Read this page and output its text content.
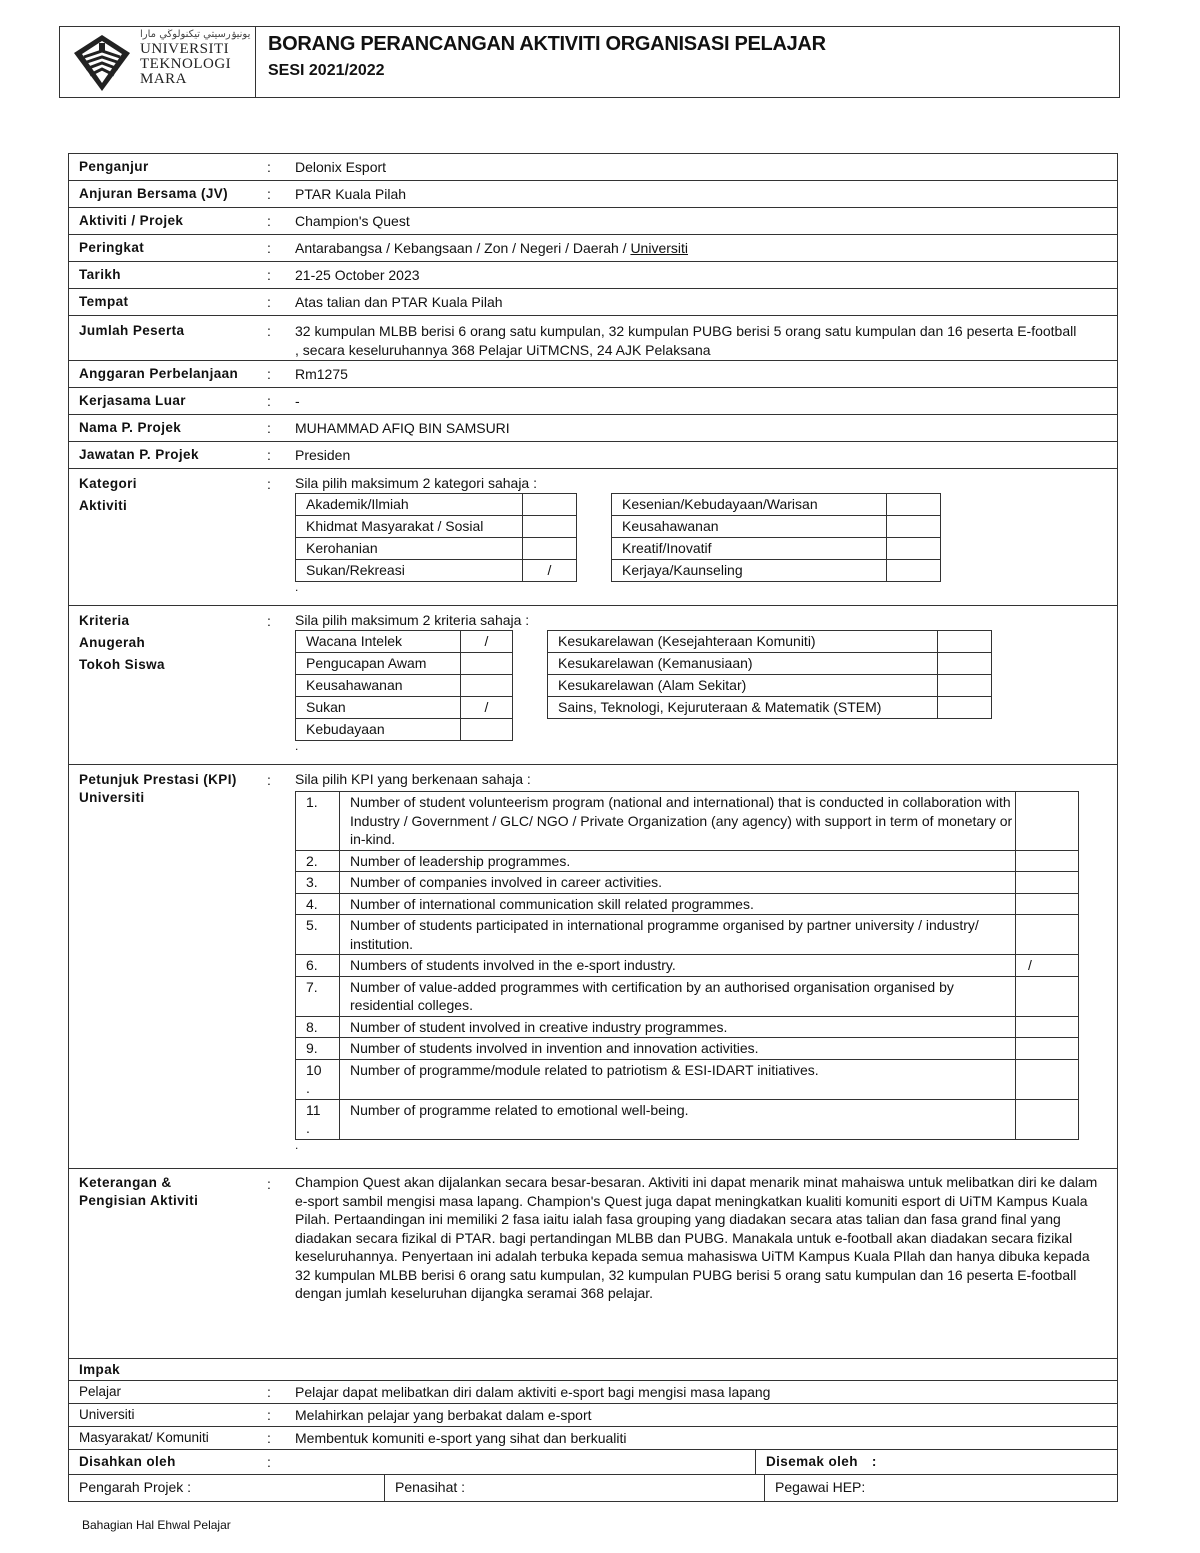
يونيۏرسيتي تيكنولوڬي مارا
UNIVERSITI
TEKNOLOGI
MARA
BORANG PERANCANGAN AKTIVITI ORGANISASI PELAJAR
SESI 2021/2022
Penganjur	:	Delonix Esport
Anjuran Bersama (JV)	:	PTAR Kuala Pilah
Aktiviti / Projek	:	Champion's Quest
Peringkat	:	Antarabangsa / Kebangsaan / Zon / Negeri / Daerah / Universiti
Tarikh	:	21-25 October 2023
Tempat	:	Atas talian dan PTAR Kuala Pilah
Jumlah Peserta	:	32 kumpulan MLBB berisi 6 orang satu kumpulan, 32 kumpulan PUBG berisi 5 orang satu kumpulan dan 16 peserta E-football , secara keseluruhannya 368 Pelajar UiTMCNS, 24 AJK Pelaksana
Anggaran Perbelanjaan	:	Rm1275
Kerjasama Luar	:	-
Nama P. Projek	:	MUHAMMAD AFIQ BIN SAMSURI
Jawatan P. Projek	:	Presiden
Kategori
Aktiviti
:	Sila pilih maksimum 2 kategori sahaja :
Akademik/Ilmiah	
Khidmat Masyarakat / Sosial	
Kerohanian	
Sukan/Rekreasi	/
Kesenian/Kebudayaan/Warisan	
Keusahawanan	
Kreatif/Inovatif	
Kerjaya/Kaunseling	
.
Kriteria
Anugerah
Tokoh Siswa
:	Sila pilih maksimum 2 kriteria sahaja :
Wacana Intelek	/
Pengucapan Awam	
Keusahawanan	
Sukan	/
Kebudayaan	
Kesukarelawan (Kesejahteraan Komuniti)	
Kesukarelawan (Kemanusiaan)	
Kesukarelawan (Alam Sekitar)	
Sains, Teknologi, Kejuruteraan & Matematik (STEM)	
.
Petunjuk Prestasi (KPI)
Universiti
:	Sila pilih KPI yang berkenaan sahaja :
1.	Number of student volunteerism program (national and international) that is conducted in collaboration with Industry / Government / GLC/ NGO / Private Organization (any agency) with support in term of monetary or in-kind.	
2.	Number of leadership programmes.	
3.	Number of companies involved in career activities.	
4.	Number of international communication skill related programmes.	
5.	Number of students participated in international programme organised by partner university / industry/ institution.	
6.	Numbers of students involved in the e-sport industry.	/
7.	Number of value-added programmes with certification by an authorised organisation organised by residential colleges.	
8.	Number of student involved in creative industry programmes.	
9.	Number of students involved in invention and innovation activities.	
10
.	Number of programme/module related to patriotism & ESI-IDART initiatives.	
11
.	Number of programme related to emotional well-being.	
.
Keterangan &
Pengisian Aktiviti
:	Champion Quest akan dijalankan secara besar-besaran. Aktiviti ini dapat menarik minat mahaiswa untuk melibatkan diri ke dalam e-sport sambil mengisi masa lapang. Champion's Quest juga dapat meningkatkan kualiti komuniti esport di UiTM Kampus Kuala Pilah. Pertaandingan ini memiliki 2 fasa iaitu ialah fasa grouping yang diadakan secara atas talian dan fasa grand final yang diadakan secara fizikal di PTAR. bagi pertandingan MLBB dan PUBG. Manakala untuk e-football akan diadakan secara fizikal keseluruhannya. Penyertaan ini adalah terbuka kepada semua mahasiswa UiTM Kampus Kuala PIlah dan hanya dibuka kepada 32 kumpulan MLBB berisi 6 orang satu kumpulan, 32 kumpulan PUBG berisi 5 orang satu kumpulan dan 16 peserta E-football dengan jumlah keseluruhan dijangka seramai 368 pelajar.
Impak
Pelajar	:	Pelajar dapat melibatkan diri dalam aktiviti e-sport bagi mengisi masa lapang
Universiti	:	Melahirkan pelajar yang berbakat dalam e-sport
Masyarakat/ Komuniti	:	Membentuk komuniti e-sport yang sihat dan berkualiti
Disahkan oleh	:	Disemak oleh :
Pengarah Projek :	Penasihat :	Pegawai HEP:
Bahagian Hal Ehwal Pelajar
